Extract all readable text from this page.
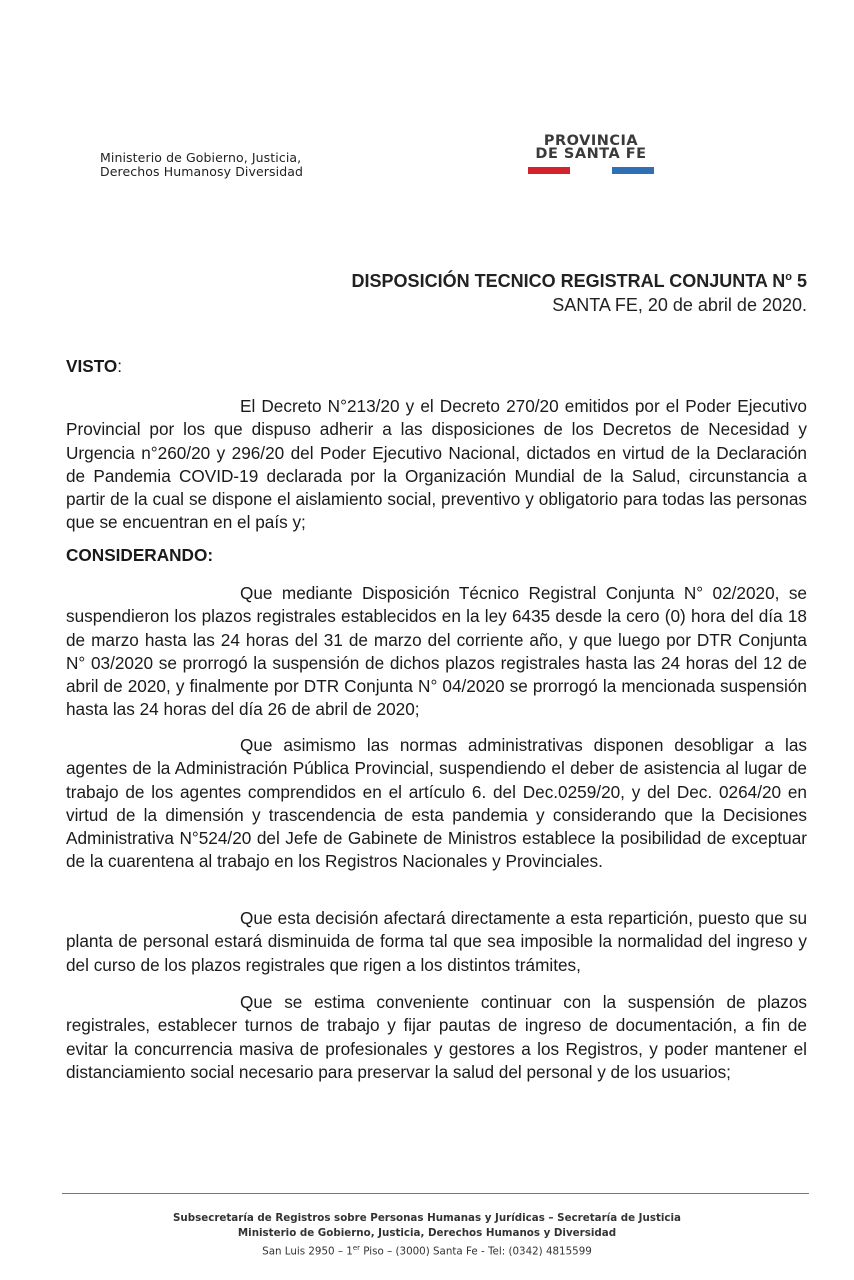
Ministerio de Gobierno, Justicia,
Derechos Humanosy Diversidad
PROVINCIA
DE SANTA FE
DISPOSICIÓN TECNICO REGISTRAL CONJUNTA $N^o$ 5
SANTA FE, 20 de abril de 2020.
VISTO:

El Decreto N°213/20 y el Decreto 270/20 emitidos por el Poder Ejecutivo Provincial por los que dispuso adherir a las disposiciones de los Decretos de Necesidad y Urgencia n°260/20 y 296/20 del Poder Ejecutivo Nacional, dictados en virtud de la Declaración de Pandemia COVID-19 declarada por la Organización Mundial de la Salud, circunstancia a partir de la cual se dispone el aislamiento social, preventivo y obligatorio para todas las personas que se encuentran en el país y;

CONSIDERANDO:

Que mediante Disposición Técnico Registral Conjunta N° 02/2020, se suspendieron los plazos registrales establecidos en la ley 6435 desde la cero (0) hora del día 18 de marzo hasta las 24 horas del 31 de marzo del corriente año, y que luego por DTR Conjunta N° 03/2020 se prorrogó la suspensión de dichos plazos registrales hasta las 24 horas del 12 de abril de 2020, y finalmente por DTR Conjunta N° 04/2020 se prorrogó la mencionada suspensión hasta las 24 horas del día 26 de abril de 2020;

Que asimismo las normas administrativas disponen desobligar a las agentes de la Administración Pública Provincial, suspendiendo el deber de asistencia al lugar de trabajo de los agentes comprendidos en el artículo 6. del Dec.0259/20, y del Dec. 0264/20 en virtud de la dimensión y trascendencia de esta pandemia y considerando que la Decisiones Administrativa N°524/20 del Jefe de Gabinete de Ministros establece la posibilidad de exceptuar de la cuarentena al trabajo en los Registros Nacionales y Provinciales.

Que esta decisión afectará directamente a esta repartición, puesto que su planta de personal estará disminuida de forma tal que sea imposible la normalidad del ingreso y del curso de los plazos registrales que rigen a los distintos trámites,

Que se estima conveniente continuar con la suspensión de plazos registrales, establecer turnos de trabajo y fijar pautas de ingreso de documentación, a fin de evitar la concurrencia masiva de profesionales y gestores a los Registros, y poder mantener el distanciamiento social necesario para preservar la salud del personal y de los usuarios;

Subsecretaría de Registros sobre Personas Humanas y Jurídicas – Secretaría de Justicia
Ministerio de Gobierno, Justicia, Derechos Humanos y Diversidad
San Luis 2950 – 1er Piso – (3000) Santa Fe - Tel: (0342) 4815599
